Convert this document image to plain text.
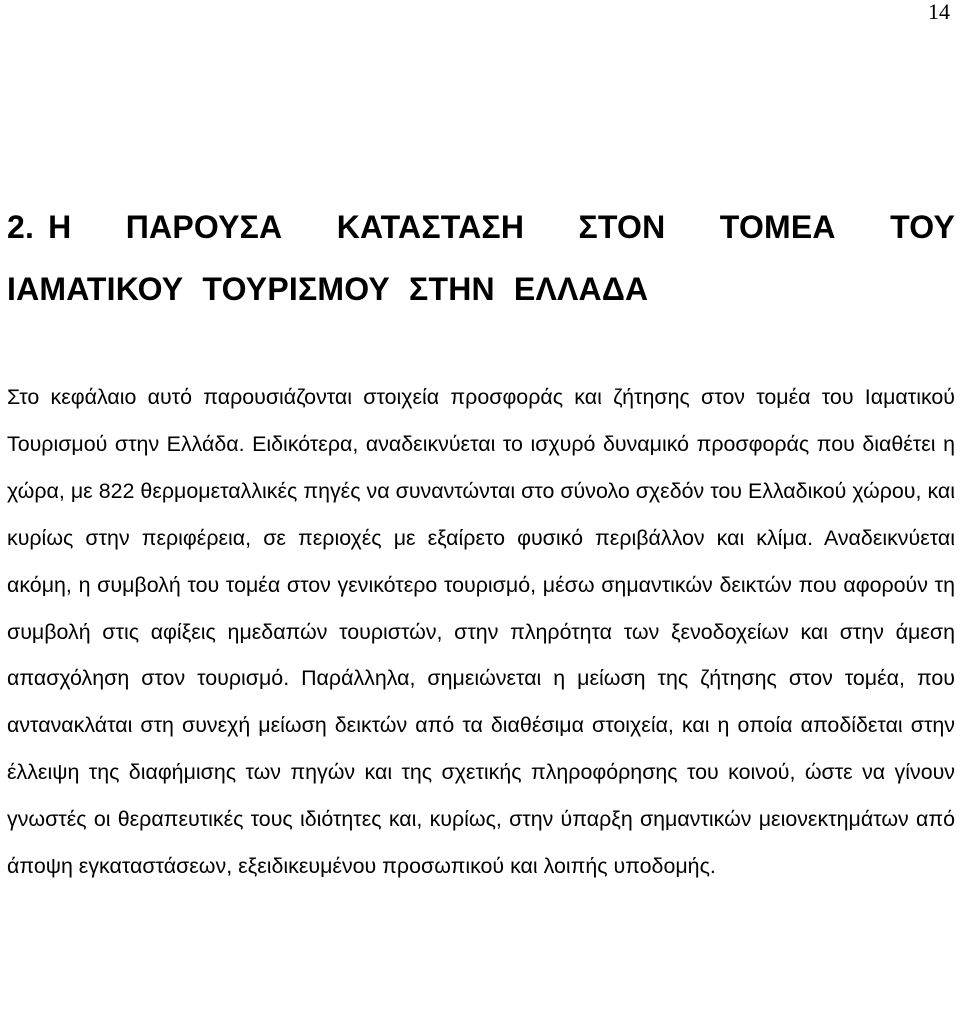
14
2. Η ΠΑΡΟΥΣΑ ΚΑΤΑΣΤΑΣΗ ΣΤΟΝ ΤΟΜΕΑ ΤΟΥ ΙΑΜΑΤΙΚΟΥ ΤΟΥΡΙΣΜΟΥ ΣΤΗΝ ΕΛΛΑΔΑ
Στο κεφάλαιο αυτό παρουσιάζονται στοιχεία προσφοράς και ζήτησης στον τομέα του Ιαματικού Τουρισμού στην Ελλάδα. Ειδικότερα, αναδεικνύεται το ισχυρό δυναμικό προσφοράς που διαθέτει η χώρα, με 822 θερμομεταλλικές πηγές να συναντώνται στο σύνολο σχεδόν του Ελλαδικού χώρου, και κυρίως στην περιφέρεια, σε περιοχές με εξαίρετο φυσικό περιβάλλον και κλίμα. Αναδεικνύεται ακόμη, η συμβολή του τομέα στον γενικότερο τουρισμό, μέσω σημαντικών δεικτών που αφορούν τη συμβολή στις αφίξεις ημεδαπών τουριστών, στην πληρότητα των ξενοδοχείων και στην άμεση απασχόληση στον τουρισμό. Παράλληλα, σημειώνεται η μείωση της ζήτησης στον τομέα, που αντανακλάται στη συνεχή μείωση δεικτών από τα διαθέσιμα στοιχεία, και η οποία αποδίδεται στην έλλειψη της διαφήμισης των πηγών και της σχετικής πληροφόρησης του κοινού, ώστε να γίνουν γνωστές οι θεραπευτικές τους ιδιότητες και, κυρίως, στην ύπαρξη σημαντικών μειονεκτημάτων από άποψη εγκαταστάσεων, εξειδικευμένου προσωπικού και λοιπής υποδομής.
